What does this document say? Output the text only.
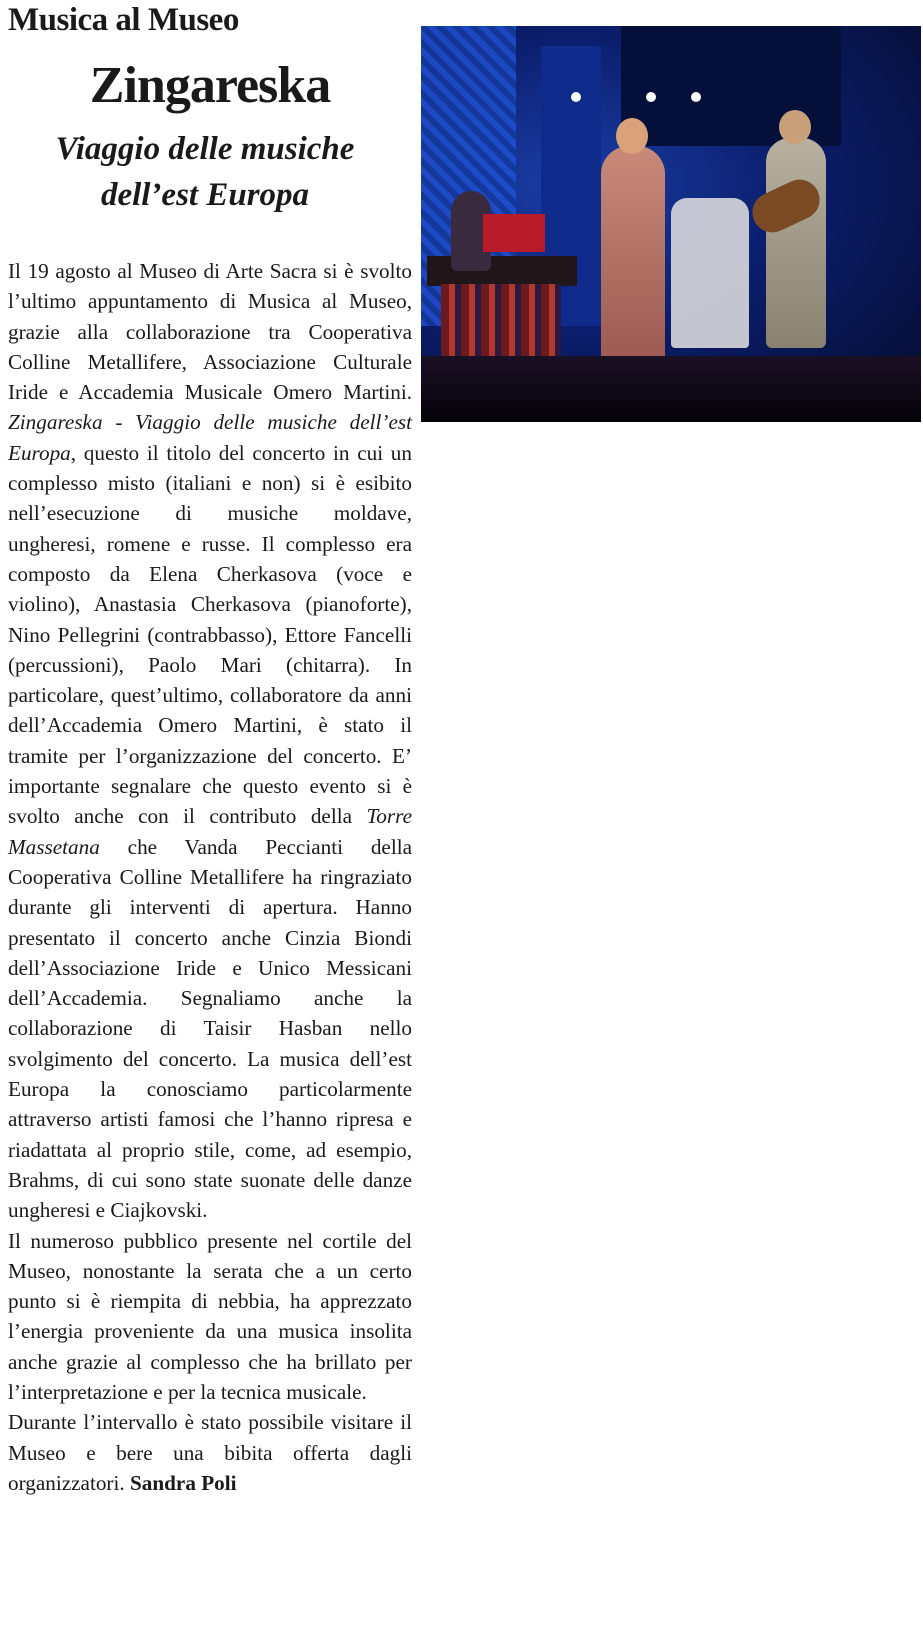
Musica al Museo
Zingareska
Viaggio delle musiche
dell’est Europa

Il 19 agosto al Museo di Arte Sacra si è svolto l’ultimo appuntamento di Musica al Museo, grazie alla collaborazione tra Cooperativa Colline Metallifere, Associazione Culturale Iride e Accademia Musicale Omero Martini. Zingareska - Viaggio delle musiche dell’est Europa, questo il titolo del concerto in cui un complesso misto (italiani e non) si è esibito nell’esecuzione di musiche moldave, ungheresi, romene e russe. Il complesso era composto da Elena Cherkasova (voce e violino), Anastasia Cherkasova (pianoforte), Nino Pellegrini (contrabbasso), Ettore Fancelli (percussioni), Paolo Mari (chitarra). In particolare, quest’ultimo, collaboratore da anni dell’Accademia Omero Martini, è stato il tramite per l’organizzazione del concerto. E’ importante segnalare che questo evento si è svolto anche con il contributo della Torre Massetana che Vanda Peccianti della Cooperativa Colline Metallifere ha ringraziato durante gli interventi di apertura. Hanno presentato il concerto anche Cinzia Biondi dell’Associazione Iride e Unico Messicani dell’Accademia. Segnaliamo anche la collaborazione di Taisir Hasban nello svolgimento del concerto. La musica dell’est Europa la conosciamo particolarmente attraverso artisti famosi che l’hanno ripresa e riadattata al proprio stile, come, ad esempio, Brahms, di cui sono state suonate delle danze ungheresi e Ciajkovski.

Il numeroso pubblico presente nel cortile del Museo, nonostante la serata che a un certo punto si è riempita di nebbia, ha apprezzato l’energia proveniente da una musica insolita anche grazie al complesso che ha brillato per l’interpretazione e per la tecnica musicale.

Durante l’intervallo è stato possibile visitare il Museo e bere una bibita offerta dagli organizzatori. Sandra Poli
